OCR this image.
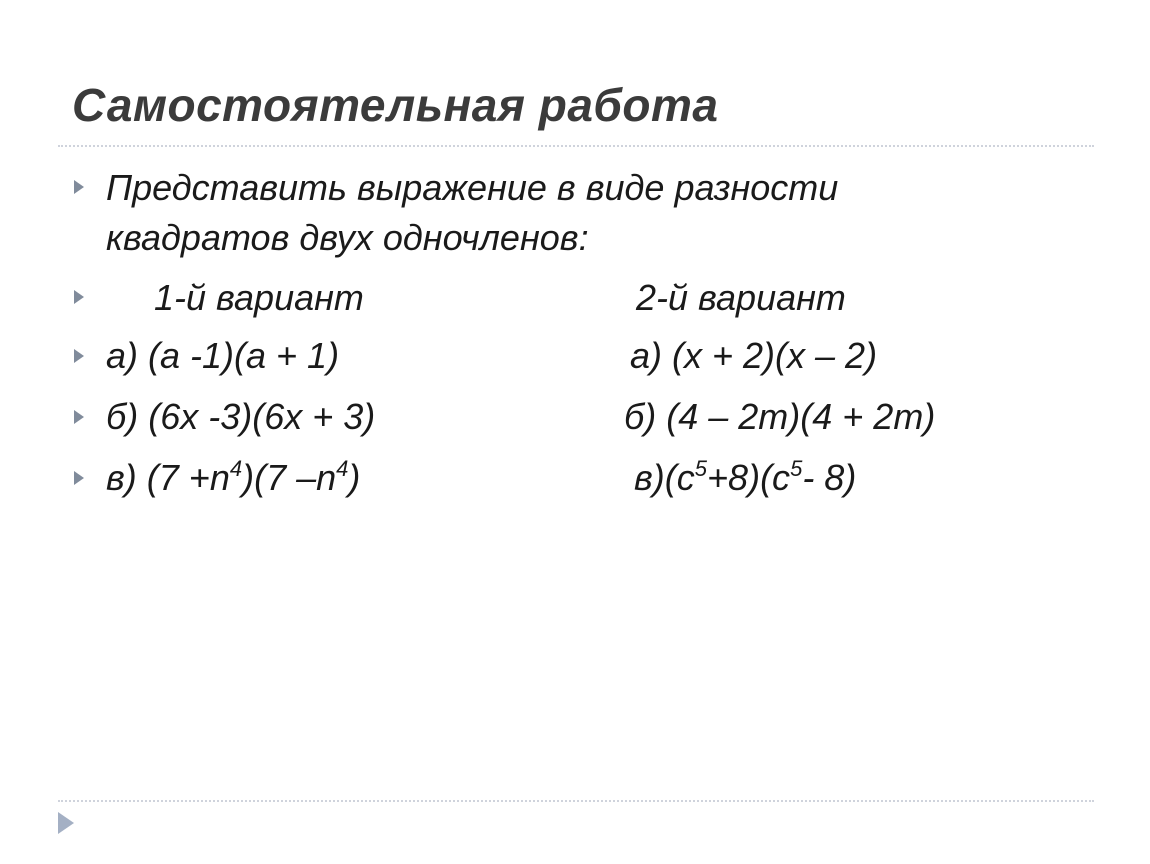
Самостоятельная работа

Представить выражение в виде разности

квадратов двух одночленов:

1-й вариант	2-й вариант

а) (a -1)(a + 1)	а) (x + 2)(x – 2)

б) (6x -3)(6x + 3)	б) (4 – 2m)(4 + 2m)

в) $(7 +n^4)(7$ $-n^4$)	$в)(c^5+8)(c^5-$ 8)
